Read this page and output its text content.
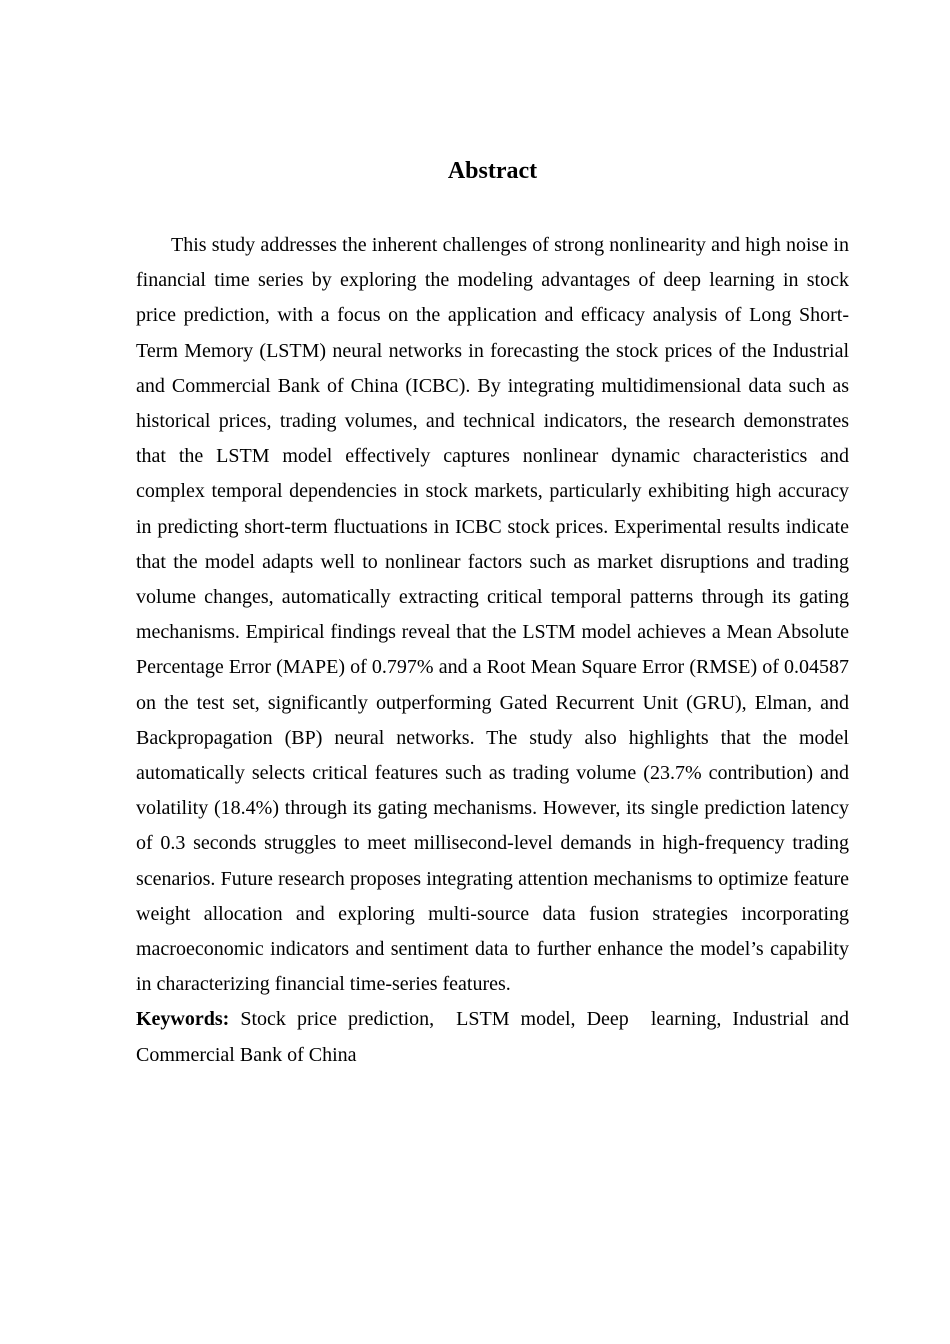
Abstract

This study addresses the inherent challenges of strong nonlinearity and high noise in financial time series by exploring the modeling advantages of deep learning in stock price prediction, with a focus on the application and efficacy analysis of Long Short-Term Memory (LSTM) neural networks in forecasting the stock prices of the Industrial and Commercial Bank of China (ICBC). By integrating multidimensional data such as historical prices, trading volumes, and technical indicators, the research demonstrates that the LSTM model effectively captures nonlinear dynamic characteristics and complex temporal dependencies in stock markets, particularly exhibiting high accuracy in predicting short-term fluctuations in ICBC stock prices. Experimental results indicate that the model adapts well to nonlinear factors such as market disruptions and trading volume changes, automatically extracting critical temporal patterns through its gating mechanisms. Empirical findings reveal that the LSTM model achieves a Mean Absolute Percentage Error (MAPE) of 0.797% and a Root Mean Square Error (RMSE) of 0.04587 on the test set, significantly outperforming Gated Recurrent Unit (GRU), Elman, and Backpropagation (BP) neural networks. The study also highlights that the model automatically selects critical features such as trading volume (23.7% contribution) and volatility (18.4%) through its gating mechanisms. However, its single prediction latency of 0.3 seconds struggles to meet millisecond-level demands in high-frequency trading scenarios. Future research proposes integrating attention mechanisms to optimize feature weight allocation and exploring multi-source data fusion strategies incorporating macroeconomic indicators and sentiment data to further enhance the model’s capability in characterizing financial time-series features.

Keywords: Stock price prediction,  LSTM model, Deep  learning, Industrial and Commercial Bank of China
